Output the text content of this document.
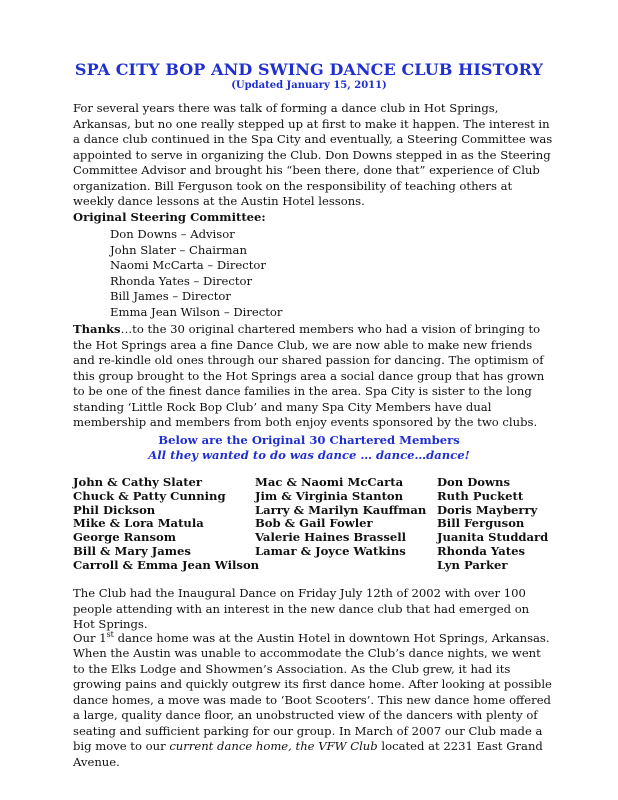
SPA CITY BOP AND SWING DANCE CLUB HISTORY
(Updated January 15, 2011)
For several years there was talk of forming a dance club in Hot Springs, Arkansas, but no one really stepped up at first to make it happen. The interest in a dance club continued in the Spa City and eventually, a Steering Committee was appointed to serve in organizing the Club. Don Downs stepped in as the Steering Committee Advisor and brought his “been there, done that” experience of Club organization. Bill Ferguson took on the responsibility of teaching others at weekly dance lessons at the Austin Hotel lessons.
Original Steering Committee:
Don Downs – Advisor
John Slater – Chairman
Naomi McCarta – Director
Rhonda Yates – Director
Bill James – Director
Emma Jean Wilson – Director
Thanks…to the 30 original chartered members who had a vision of bringing to the Hot Springs area a fine Dance Club, we are now able to make new friends and re-kindle old ones through our shared passion for dancing. The optimism of this group brought to the Hot Springs area a social dance group that has grown to be one of the finest dance families in the area. Spa City is sister to the long standing ‘Little Rock Bop Club’ and many Spa City Members have dual membership and members from both enjoy events sponsored by the two clubs.
Below are the Original 30 Chartered Members
All they wanted to do was dance … dance…dance!
John & Cathy Slater
Chuck & Patty Cunning
Phil Dickson
Mike & Lora Matula
George Ransom
Bill & Mary James
Carroll & Emma Jean Wilson
Mac & Naomi McCarta
Jim & Virginia Stanton
Larry & Marilyn Kauffman
Bob & Gail Fowler
Valerie Haines Brassell
Lamar & Joyce Watkins
Don Downs
Ruth Puckett
Doris Mayberry
Bill Ferguson
Juanita Studdard
Rhonda Yates
Lyn Parker
The Club had the Inaugural Dance on Friday July 12th of 2002 with over 100 people attending with an interest in the new dance club that had emerged on Hot Springs.
Our 1st dance home was at the Austin Hotel in downtown Hot Springs, Arkansas. When the Austin was unable to accommodate the Club’s dance nights, we went to the Elks Lodge and Showmen’s Association. As the Club grew, it had its growing pains and quickly outgrew its first dance home. After looking at possible dance homes, a move was made to ‘Boot Scooters’. This new dance home offered a large, quality dance floor, an unobstructed view of the dancers with plenty of seating and sufficient parking for our group. In March of 2007 our Club made a big move to our current dance home, the VFW Club located at 2231 East Grand Avenue.
